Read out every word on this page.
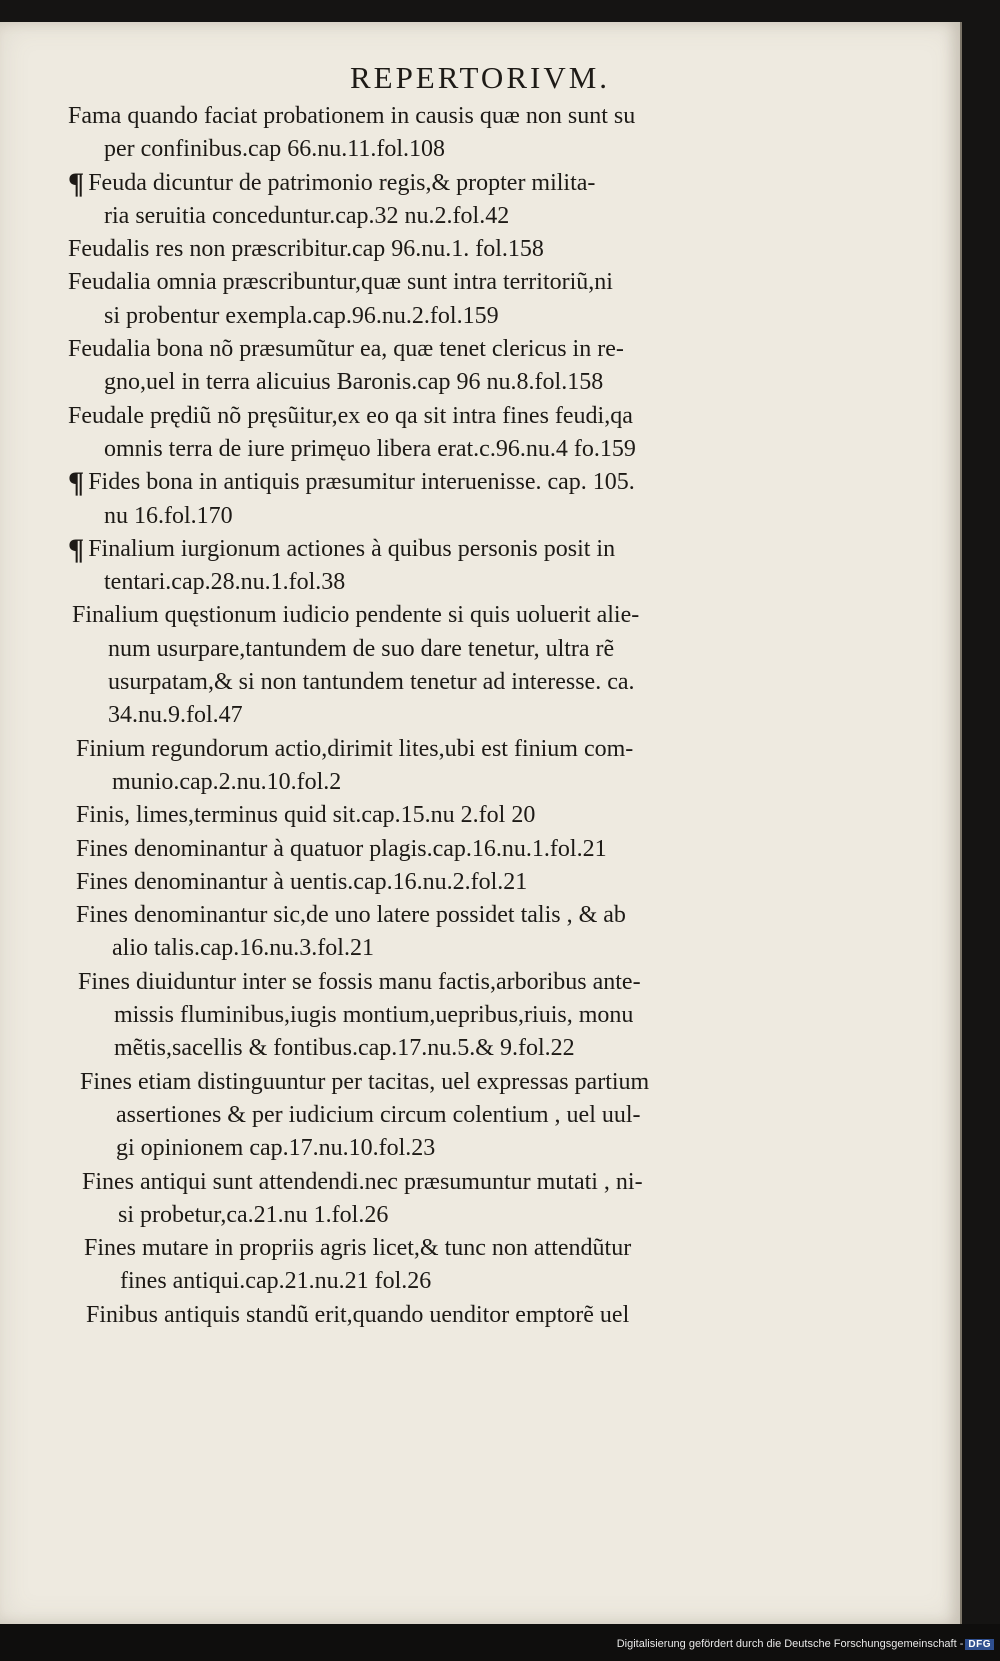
REPERTORIVM.
Fama quando faciat probationem in causis quæ non sunt su
per confinibus.cap 66.nu.11.fol.108
¶ Feuda dicuntur de patrimonio regis,& propter milita-
ria seruitia conceduntur.cap.32 nu.2.fol.42
Feudalis res non præscribitur.cap 96.nu.1. fol.158
Feudalia omnia præscribuntur,quæ sunt intra territoriũ,ni
si probentur exempla.cap.96.nu.2.fol.159
Feudalia bona nõ præsumũtur ea, quæ tenet clericus in re-
gno,uel in terra alicuius Baronis.cap 96 nu.8.fol.158
Feudale prędiũ nõ pręsũitur,ex eo qa sit intra fines feudi,qa
omnis terra de iure primęuo libera erat.c.96.nu.4 fo.159
¶ Fides bona in antiquis præsumitur interuenisse. cap. 105.
nu 16.fol.170
¶ Finalium iurgionum actiones à quibus personis posit in
tentari.cap.28.nu.1.fol.38
Finalium quęstionum iudicio pendente si quis uoluerit alie-
num usurpare,tantundem de suo dare tenetur, ultra rẽ
usurpatam,& si non tantundem tenetur ad interesse. ca.
34.nu.9.fol.47
Finium regundorum actio,dirimit lites,ubi est finium com-
munio.cap.2.nu.10.fol.2
Finis, limes,terminus quid sit.cap.15.nu 2.fol 20
Fines denominantur à quatuor plagis.cap.16.nu.1.fol.21
Fines denominantur à uentis.cap.16.nu.2.fol.21
Fines denominantur sic,de uno latere possidet talis , & ab
alio talis.cap.16.nu.3.fol.21
Fines diuiduntur inter se fossis manu factis,arboribus ante-
missis fluminibus,iugis montium,uepribus,riuis, monu
mẽtis,sacellis & fontibus.cap.17.nu.5.& 9.fol.22
Fines etiam distinguuntur per tacitas, uel expressas partium
assertiones & per iudicium circum colentium , uel uul-
gi opinionem cap.17.nu.10.fol.23
Fines antiqui sunt attendendi.nec præsumuntur mutati , ni-
si probetur,ca.21.nu 1.fol.26
Fines mutare in propriis agris licet,& tunc non attendũtur
fines antiqui.cap.21.nu.21 fol.26
Finibus antiquis standũ erit,quando uenditor emptorẽ uel
Digitalisierung gefördert durch die Deutsche Forschungsgemeinschaft - DFG
